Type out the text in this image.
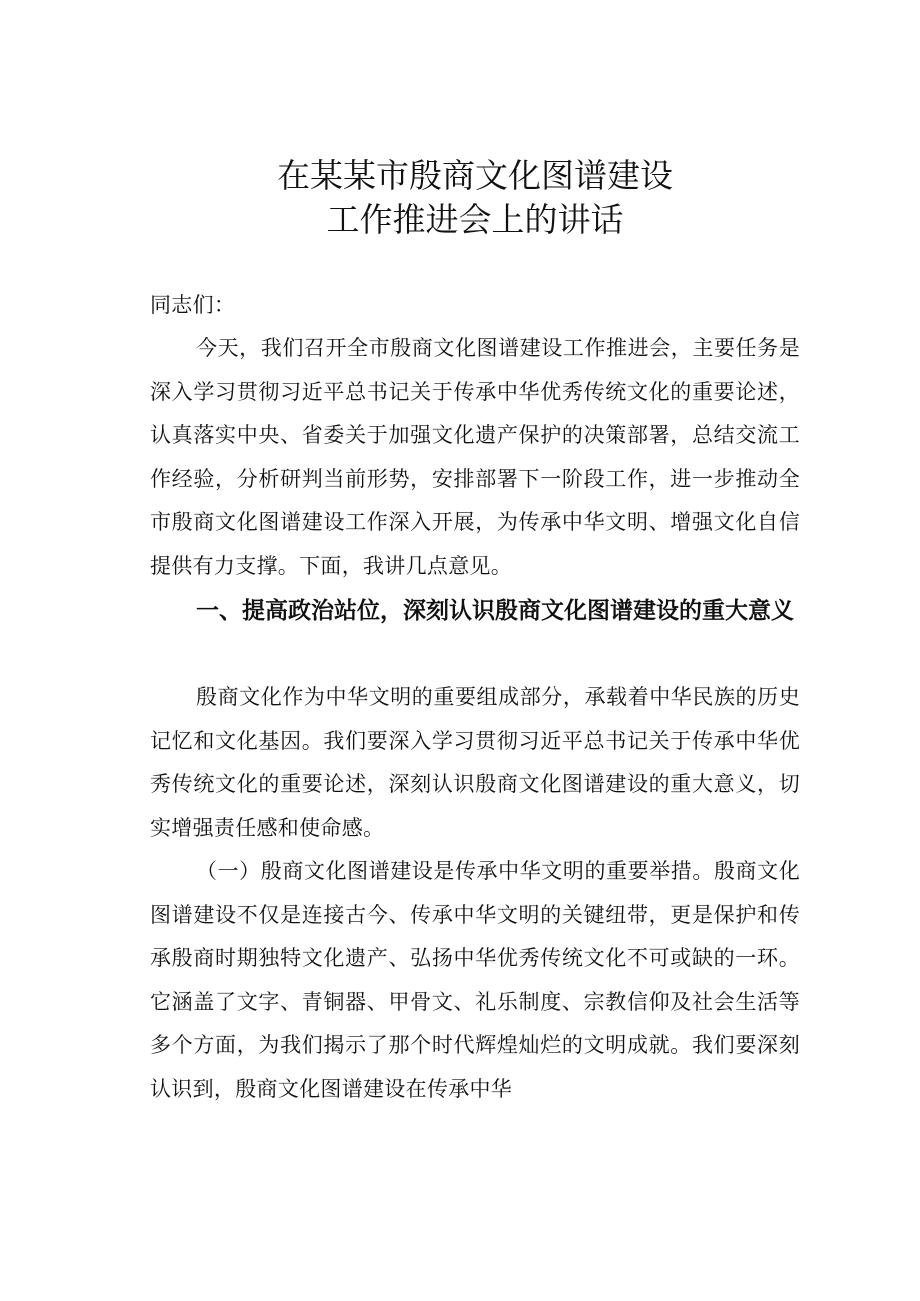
在某某市殷商文化图谱建设
工作推进会上的讲话

同志们：

今天，我们召开全市殷商文化图谱建设工作推进会，主要任务是深入学习贯彻习近平总书记关于传承中华优秀传统文化的重要论述，认真落实中央、省委关于加强文化遗产保护的决策部署，总结交流工作经验，分析研判当前形势，安排部署下一阶段工作，进一步推动全市殷商文化图谱建设工作深入开展，为传承中华文明、增强文化自信提供有力支撑。下面，我讲几点意见。

一、提高政治站位，深刻认识殷商文化图谱建设的重大意义

殷商文化作为中华文明的重要组成部分，承载着中华民族的历史记忆和文化基因。我们要深入学习贯彻习近平总书记关于传承中华优秀传统文化的重要论述，深刻认识殷商文化图谱建设的重大意义，切实增强责任感和使命感。

（一）殷商文化图谱建设是传承中华文明的重要举措。殷商文化图谱建设不仅是连接古今、传承中华文明的关键纽带，更是保护和传承殷商时期独特文化遗产、弘扬中华优秀传统文化不可或缺的一环。它涵盖了文字、青铜器、甲骨文、礼乐制度、宗教信仰及社会生活等多个方面，为我们揭示了那个时代辉煌灿烂的文明成就。我们要深刻认识到，殷商文化图谱建设在传承中华
